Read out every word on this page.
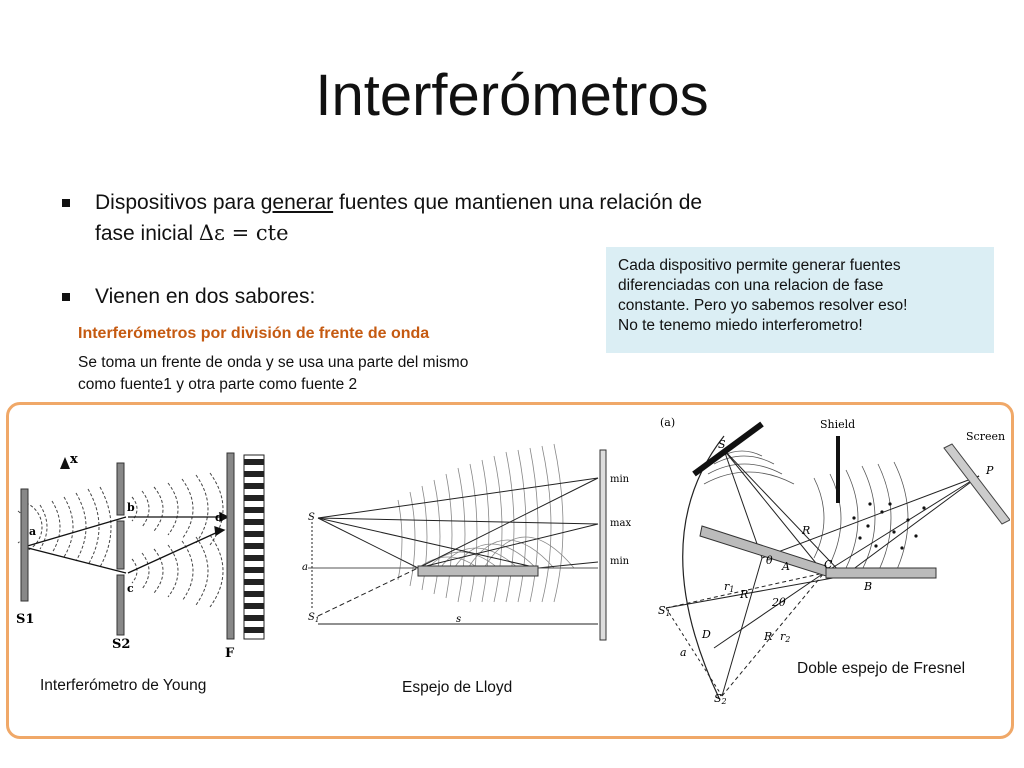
Interferómetros
Dispositivos para generar fuentes que mantienen una relación de
fase inicial Δε = cte
Vienen en dos sabores:
Cada dispositivo permite generar fuentes
diferenciadas con una relacion de fase
constante. Pero yo sabemos resolver eso!
No te tenemo miedo interferometro!
Interferómetros por división de frente de onda
Se toma un frente de onda y se usa una parte del mismo
como fuente1 y otra parte como fuente 2
x
a
b
c
d
S1
S2
F
min
max
min
S
$S_1$
a
s
(a)	Shield
Screen
S
P
R
θ A	C
B
r1 R
2θ
S1
D	R r2
a
S2
Interferómetro de Young	Espejo de Lloyd
Doble espejo de Fresnel
